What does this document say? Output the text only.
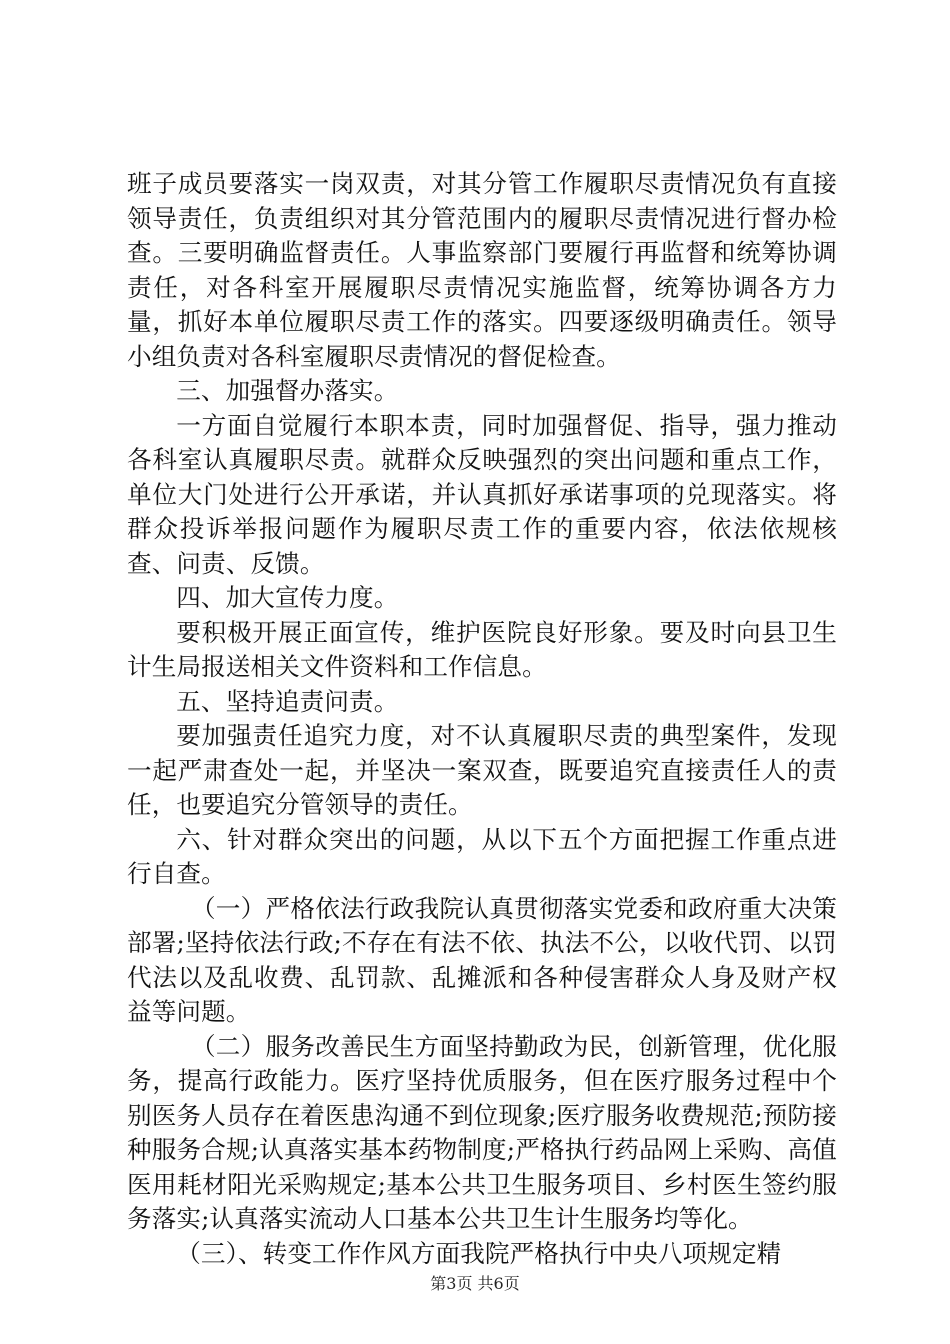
班子成员要落实一岗双责，对其分管工作履职尽责情况负有直接领导责任，负责组织对其分管范围内的履职尽责情况进行督办检查。三要明确监督责任。人事监察部门要履行再监督和统筹协调责任，对各科室开展履职尽责情况实施监督，统筹协调各方力量，抓好本单位履职尽责工作的落实。四要逐级明确责任。领导小组负责对各科室履职尽责情况的督促检查。

三、加强督办落实。

一方面自觉履行本职本责，同时加强督促、指导，强力推动各科室认真履职尽责。就群众反映强烈的突出问题和重点工作，单位大门处进行公开承诺，并认真抓好承诺事项的兑现落实。将群众投诉举报问题作为履职尽责工作的重要内容，依法依规核查、问责、反馈。

四、加大宣传力度。

要积极开展正面宣传，维护医院良好形象。要及时向县卫生计生局报送相关文件资料和工作信息。

五、坚持追责问责。

要加强责任追究力度，对不认真履职尽责的典型案件，发现一起严肃查处一起，并坚决一案双查，既要追究直接责任人的责任，也要追究分管领导的责任。

六、针对群众突出的问题，从以下五个方面把握工作重点进行自查。

（一）严格依法行政我院认真贯彻落实党委和政府重大决策部署;坚持依法行政;不存在有法不依、执法不公，以收代罚、以罚代法以及乱收费、乱罚款、乱摊派和各种侵害群众人身及财产权益等问题。

（二）服务改善民生方面坚持勤政为民，创新管理，优化服务，提高行政能力。医疗坚持优质服务，但在医疗服务过程中个别医务人员存在着医患沟通不到位现象;医疗服务收费规范;预防接种服务合规;认真落实基本药物制度;严格执行药品网上采购、高值医用耗材阳光采购规定;基本公共卫生服务项目、乡村医生签约服务落实;认真落实流动人口基本公共卫生计生服务均等化。

（三）、转变工作作风方面我院严格执行中央八项规定精

第3页 共6页
